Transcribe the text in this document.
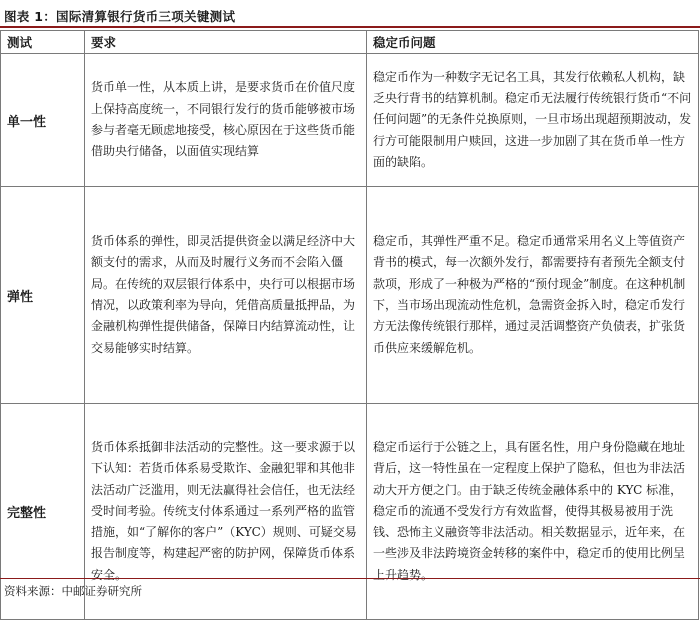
图表 1：国际清算银行货币三项关键测试
测试	要求	稳定币问题
单一性	货币单一性，从本质上讲，是要求货币在价值尺度上保持高度统一，不同银行发行的货币能够被市场参与者毫无顾虑地接受，核心原因在于这些货币能借助央行储备，以面值实现结算	稳定币作为一种数字无记名工具，其发行依赖私人机构，缺乏央行背书的结算机制。稳定币无法履行传统银行货币“不问任何问题”的无条件兑换原则，一旦市场出现超预期波动，发行方可能限制用户赎回，这进一步加剧了其在货币单一性方面的缺陷。
弹性	货币体系的弹性，即灵活提供资金以满足经济中大额支付的需求，从而及时履行义务而不会陷入僵局。在传统的双层银行体系中，央行可以根据市场情况，以政策利率为导向，凭借高质量抵押品，为金融机构弹性提供储备，保障日内结算流动性，让交易能够实时结算。	稳定币，其弹性严重不足。稳定币通常采用名义上等值资产背书的模式，每一次额外发行，都需要持有者预先全额支付款项，形成了一种极为严格的“预付现金”制度。在这种机制下，当市场出现流动性危机，急需资金拆入时，稳定币发行方无法像传统银行那样，通过灵活调整资产负债表，扩张货币供应来缓解危机。
完整性	货币体系抵御非法活动的完整性。这一要求源于以下认知：若货币体系易受欺诈、金融犯罪和其他非法活动广泛滥用，则无法赢得社会信任，也无法经受时间考验。传统支付体系通过一系列严格的监管措施，如“了解你的客户”（KYC）规则、可疑交易报告制度等，构建起严密的防护网，保障货币体系安全。	稳定币运行于公链之上，具有匿名性，用户身份隐藏在地址背后，这一特性虽在一定程度上保护了隐私，但也为非法活动大开方便之门。由于缺乏传统金融体系中的 KYC 标准，稳定币的流通不受发行方有效监督，使得其极易被用于洗钱、恐怖主义融资等非法活动。相关数据显示，近年来，在一些涉及非法跨境资金转移的案件中，稳定币的使用比例呈上升趋势。
资料来源：中邮证券研究所
